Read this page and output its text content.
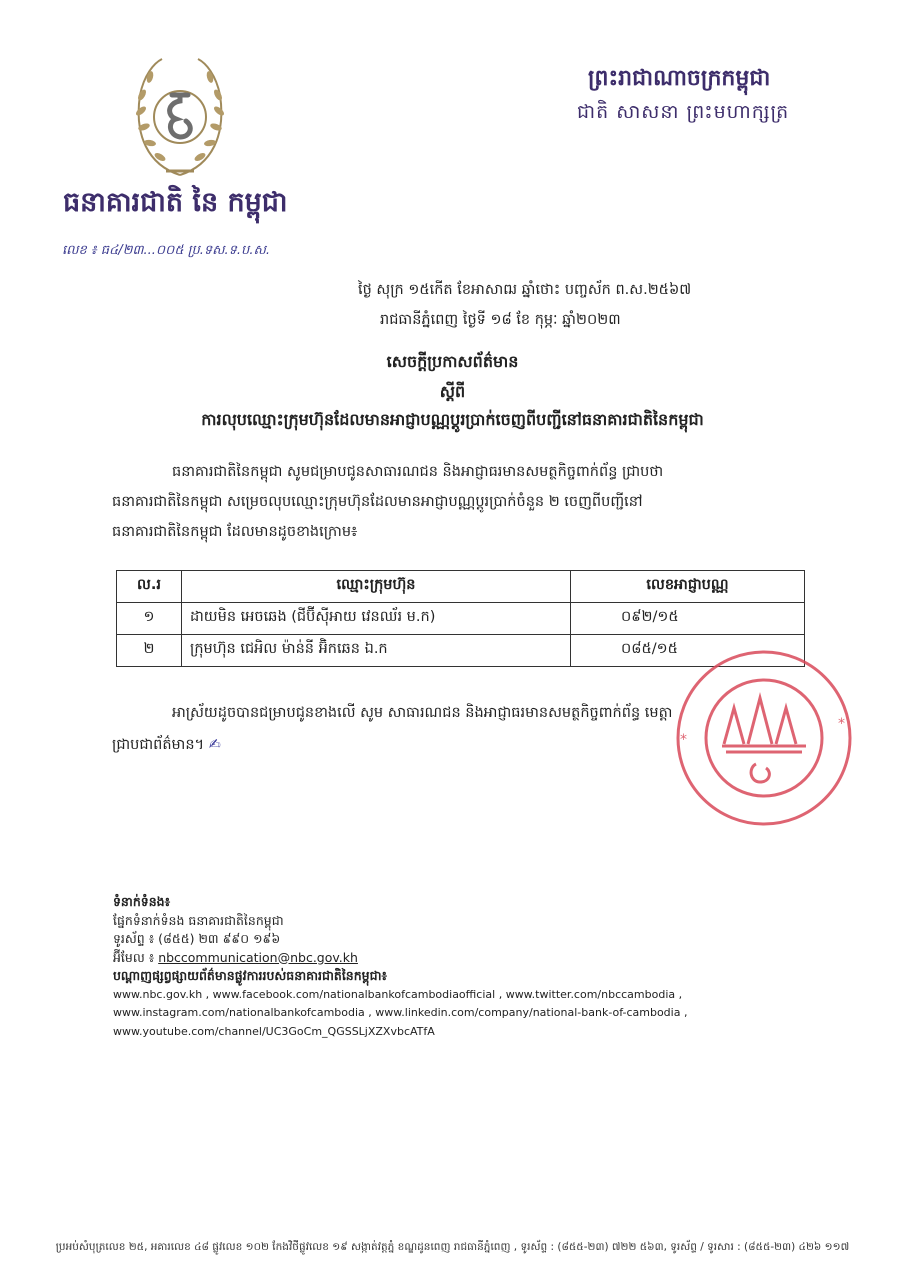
ធនាគារជាតិ នៃ កម្ពុជា
លេខ ៖ ធ៤/២៣...០០៥ ប្រ.ទស.ទ.ប.ស.
ព្រះរាជាណាចក្រកម្ពុជា
ជាតិ សាសនា ព្រះមហាក្សត្រ
ថ្ងៃ សុក្រ ១៥កើត ខែអាសាឍ ឆ្នាំថោះ បញ្ចស័ក ព.ស.២៥៦៧
រាជធានីភ្នំពេញ ថ្ងៃទី ១៨ ខែ កុម្ភៈ ឆ្នាំ២០២៣
សេចក្តីប្រកាសព័ត៌មាន
ស្តីពី
ការលុបឈ្មោះក្រុមហ៊ុនដែលមានអាជ្ញាបណ្ណប្តូរប្រាក់ចេញពីបញ្ជីនៅធនាគារជាតិនៃកម្ពុជា

ធនាគារជាតិនៃកម្ពុជា សូមជម្រាបជូនសាធារណជន និងអាជ្ញាធរមានសមត្ថកិច្ចពាក់ព័ន្ធ ជ្រាបថា

ធនាគារជាតិនៃកម្ពុជា សម្រេចលុបឈ្មោះក្រុមហ៊ុនដែលមានអាជ្ញាបណ្ណប្តូរប្រាក់ចំនួន ២ ចេញពីបញ្ជីនៅ

ធនាគារជាតិនៃកម្ពុជា ដែលមានដូចខាងក្រោម៖

ល.រ	ឈ្មោះក្រុមហ៊ុន	លេខអាជ្ញាបណ្ណ
១	ដាយមិន អេចឆេង (ជីប៊ីស៊ីអាយ វេនឈ័រ ម.ក)	០៩២/១៥
២	ក្រុមហ៊ុន ជេអិល ម៉ាន់នី អ៊ិកឆេន ឯ.ក	០៨៥/១៥

អាស្រ័យដូចបានជម្រាបជូនខាងលើ សូម សាធារណជន និងអាជ្ញាធរមានសមត្ថកិច្ចពាក់ព័ន្ធ មេត្តា

ជ្រាបជាព័ត៌មាន។ ✍	*
*

ទំនាក់ទំនង៖

ផ្នែកទំនាក់ទំនង ធនាគារជាតិនៃកម្ពុជា

ទូរស័ព្ទ ៖ (៨៥៥) ២៣ ៩៩០ ១៩៦

អ៊ីមែល ៖ nbccommunication@nbc.gov.kh

បណ្តាញផ្សព្វផ្សាយព័ត៌មានផ្លូវការរបស់ធនាគារជាតិនៃកម្ពុជា៖

www.nbc.gov.kh , www.facebook.com/nationalbankofcambodiaofficial , www.twitter.com/nbccambodia ,

www.instagram.com/nationalbankofcambodia , www.linkedin.com/company/national-bank-of-cambodia ,

www.youtube.com/channel/UC3GoCm_QGSSLjXZXvbcATfA

ប្រអប់សំបុត្រលេខ ២៥, អគារលេខ ៤៨ ផ្លូវលេខ ១០២ កែងវិថីផ្លូវលេខ ១៩ សង្កាត់វត្តភ្នំ ខណ្ឌដូនពេញ រាជធានីភ្នំពេញ , ទូរស័ព្ទ : (៨៥៥-២៣) ៧២២ ៥៦៣, ទូរស័ព្ទ / ទូរសារ : (៨៥៥-២៣) ៤២៦ ១១៧
